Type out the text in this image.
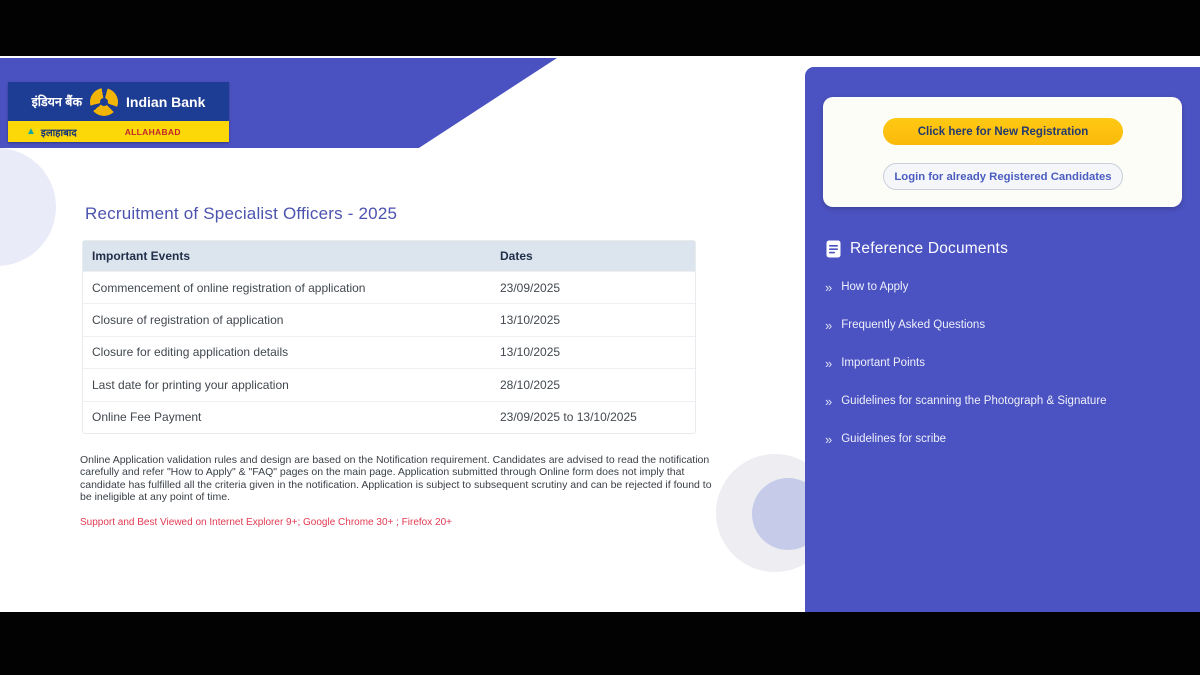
इंडियन बैंक	Indian Bank
▲ इलाहाबाद	ALLAHABAD
Recruitment of Specialist Officers - 2025
Important Events	Dates
Commencement of online registration of application	23/09/2025
Closure of registration of application	13/10/2025
Closure for editing application details	13/10/2025
Last date for printing your application	28/10/2025
Online Fee Payment	23/09/2025 to 13/10/2025
Online Application validation rules and design are based on the Notification requirement. Candidates are advised to read the notification carefully and refer "How to Apply" & "FAQ" pages on the main page. Application submitted through Online form does not imply that candidate has fulfilled all the criteria given in the notification. Application is subject to subsequent scrutiny and can be rejected if found to be ineligible at any point of time.
Support and Best Viewed on Internet Explorer 9+; Google Chrome 30+ ; Firefox 20+
Click here for New Registration
Login for already Registered Candidates
Reference Documents
» How to Apply
» Frequently Asked Questions
» Important Points
» Guidelines for scanning the Photograph & Signature
» Guidelines for scribe
